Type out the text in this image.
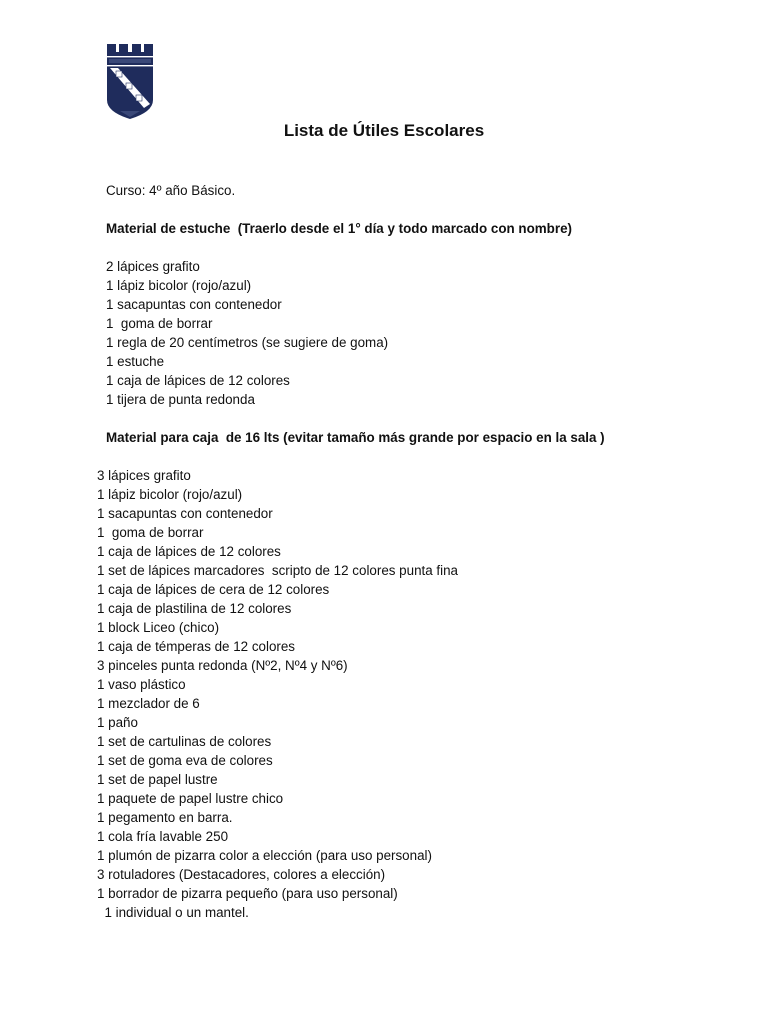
Lista de Útiles Escolares
Curso: 4º año Básico.
Material de estuche  (Traerlo desde el 1° día y todo marcado con nombre)
2 lápices grafito
1 lápiz bicolor (rojo/azul)
1 sacapuntas con contenedor
1  goma de borrar
1 regla de 20 centímetros (se sugiere de goma)
1 estuche
1 caja de lápices de 12 colores
1 tijera de punta redonda
Material para caja  de 16 lts (evitar tamaño más grande por espacio en la sala )
3 lápices grafito
1 lápiz bicolor (rojo/azul)
1 sacapuntas con contenedor
1  goma de borrar
1 caja de lápices de 12 colores
1 set de lápices marcadores  scripto de 12 colores punta fina
1 caja de lápices de cera de 12 colores
1 caja de plastilina de 12 colores
1 block Liceo (chico)
1 caja de témperas de 12 colores
3 pinceles punta redonda (Nº2, Nº4 y Nº6)
1 vaso plástico
1 mezclador de 6
1 paño
1 set de cartulinas de colores
1 set de goma eva de colores
1 set de papel lustre
1 paquete de papel lustre chico
1 pegamento en barra.
1 cola fría lavable 250
1 plumón de pizarra color a elección (para uso personal)
3 rotuladores (Destacadores, colores a elección)
1 borrador de pizarra pequeño (para uso personal)
1 individual o un mantel.
